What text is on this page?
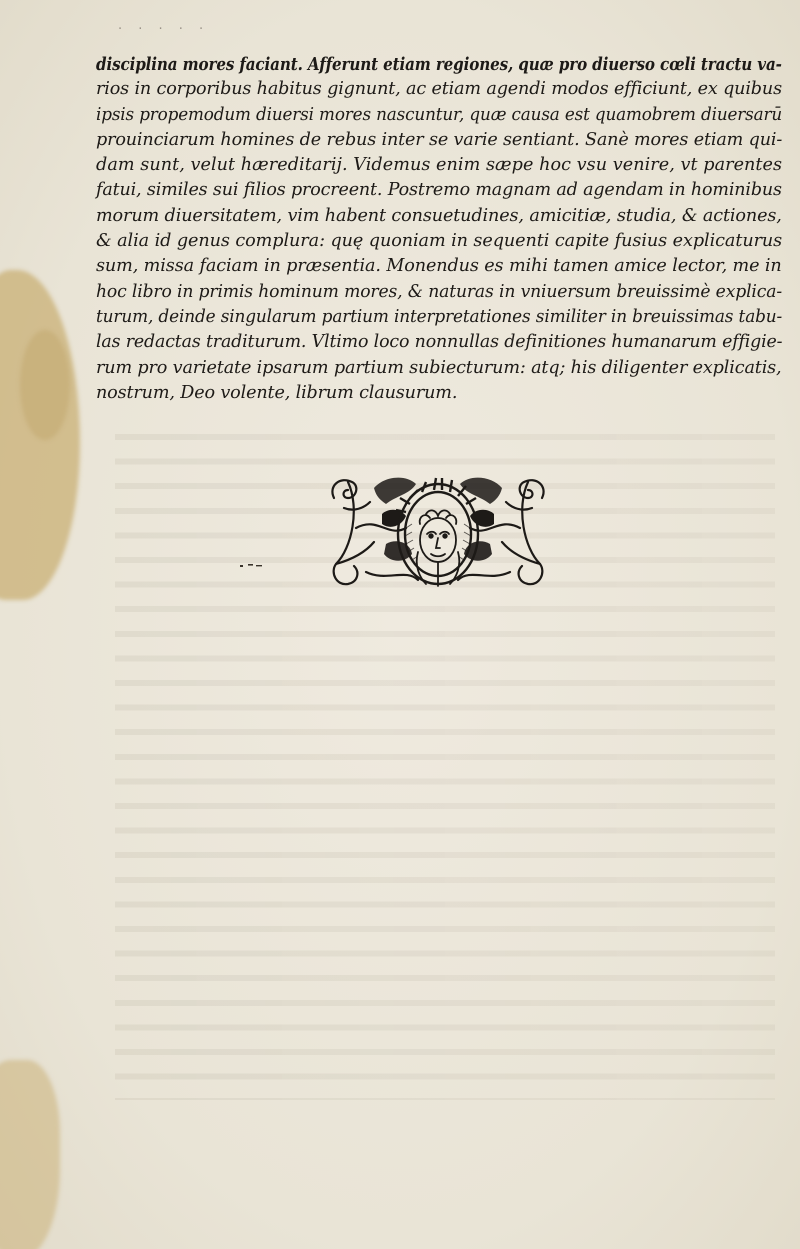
· · · · ·
disciplina mores faciant. Afferunt etiam regiones, quæ pro diuerso cœli tractu va-
rios in corporibus habitus gignunt, ac etiam agendi modos efficiunt, ex quibus
ipsis propemodum diuersi mores nascuntur, quæ causa est quamobrem diuersarū
prouinciarum homines de rebus inter se varie sentiant. Sanè mores etiam qui-
dam sunt, velut hæreditarij. Videmus enim sæpe hoc vsu venire, vt parentes
fatui, similes sui filios procreent. Postremo magnam ad agendam in hominibus
morum diuersitatem, vim habent consuetudines, amicitiæ, studia, & actiones,
& alia id genus complura: quę quoniam in sequenti capite fusius explicaturus
sum, missa faciam in præsentia. Monendus es mihi tamen amice lector, me in
hoc libro in primis hominum mores, & naturas in vniuersum breuissimè explica-
turum, deinde singularum partium interpretationes similiter in breuissimas tabu-
las redactas traditurum. Vltimo loco nonnullas definitiones humanarum effigie-
rum pro varietate ipsarum partium subiecturum: atq; his diligenter explicatis,
nostrum, Deo volente, librum clausurum.
